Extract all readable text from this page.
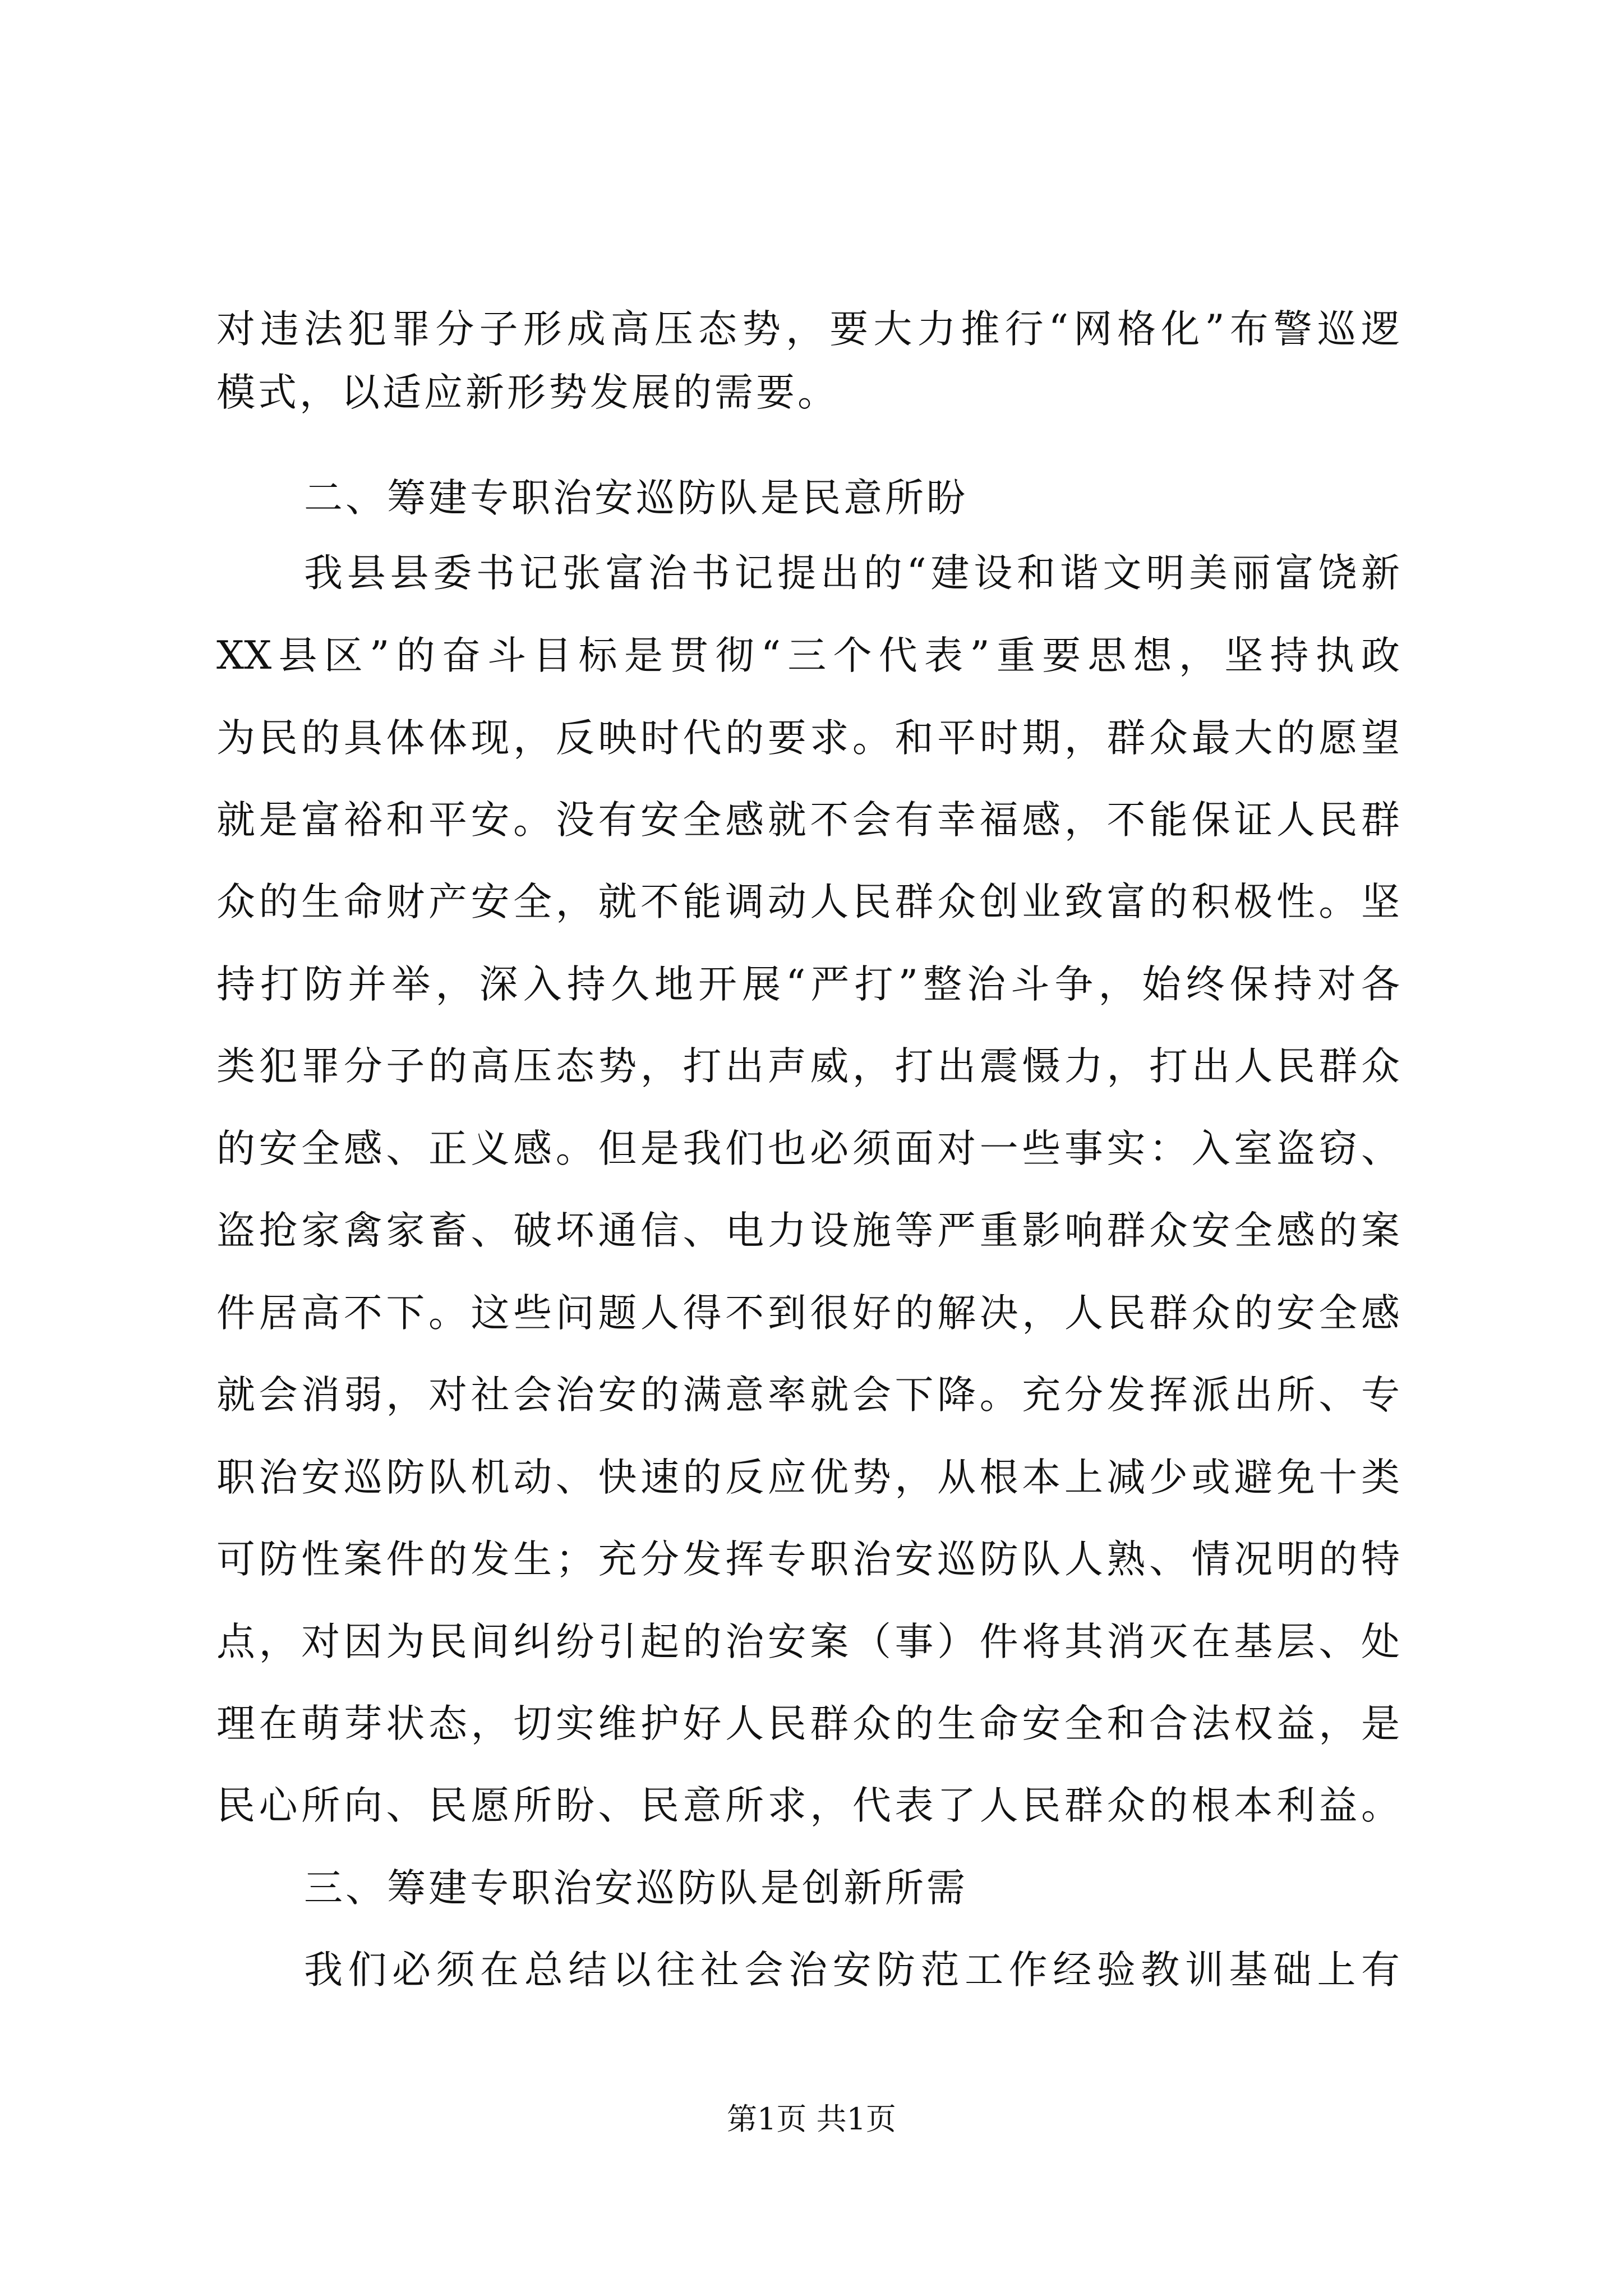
对违法犯罪分子形成高压态势，要大力推行“网格化”布警巡逻
模式，以适应新形势发展的需要。
二、筹建专职治安巡防队是民意所盼
我县县委书记张富治书记提出的“建设和谐文明美丽富饶新
XX县区”的奋斗目标是贯彻“三个代表”重要思想，坚持执政
为民的具体体现，反映时代的要求。和平时期，群众最大的愿望
就是富裕和平安。没有安全感就不会有幸福感，不能保证人民群
众的生命财产安全，就不能调动人民群众创业致富的积极性。坚
持打防并举，深入持久地开展“严打”整治斗争，始终保持对各
类犯罪分子的高压态势，打出声威，打出震慑力，打出人民群众
的安全感、正义感。但是我们也必须面对一些事实：入室盗窃、
盗抢家禽家畜、破坏通信、电力设施等严重影响群众安全感的案
件居高不下。这些问题人得不到很好的解决，人民群众的安全感
就会消弱，对社会治安的满意率就会下降。充分发挥派出所、专
职治安巡防队机动、快速的反应优势，从根本上减少或避免十类
可防性案件的发生；充分发挥专职治安巡防队人熟、情况明的特
点，对因为民间纠纷引起的治安案（事）件将其消灭在基层、处
理在萌芽状态，切实维护好人民群众的生命安全和合法权益，是
民心所向、民愿所盼、民意所求，代表了人民群众的根本利益。
三、筹建专职治安巡防队是创新所需
我们必须在总结以往社会治安防范工作经验教训基础上有
第1页 共1页
